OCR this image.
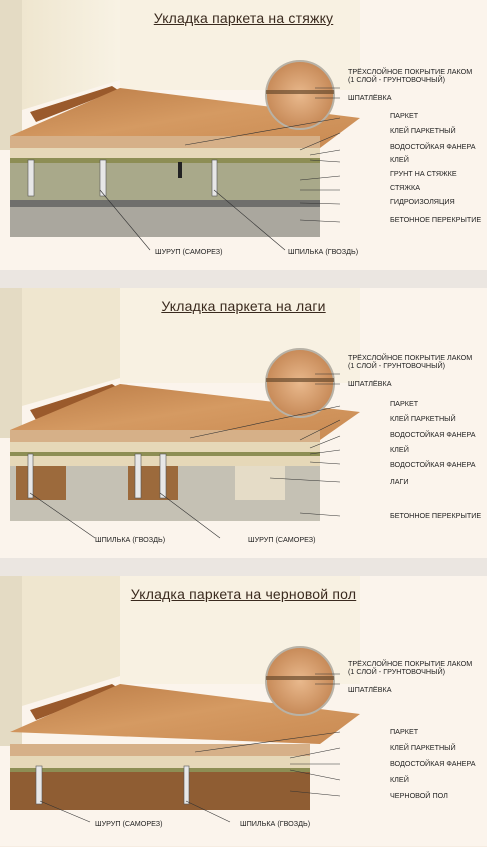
Укладка паркета на стяжку
ТРЁХСЛОЙНОЕ ПОКРЫТИЕ ЛАКОМ
(1 СЛОЙ - ГРУНТОВОЧНЫЙ)
ШПАТЛЁВКА
ПАРКЕТ
КЛЕЙ ПАРКЕТНЫЙ
ВОДОСТОЙКАЯ ФАНЕРА
КЛЕЙ
ГРУНТ НА СТЯЖКЕ
СТЯЖКА
ГИДРОИЗОЛЯЦИЯ
БЕТОННОЕ ПЕРЕКРЫТИЕ
ШУРУП (САМОРЕЗ)	ШПИЛЬКА (ГВОЗДЬ)
Укладка паркета на лаги
ТРЁХСЛОЙНОЕ ПОКРЫТИЕ ЛАКОМ
(1 СЛОЙ - ГРУНТОВОЧНЫЙ)
ШПАТЛЁВКА
ПАРКЕТ
КЛЕЙ ПАРКЕТНЫЙ
ВОДОСТОЙКАЯ ФАНЕРА
КЛЕЙ
ВОДОСТОЙКАЯ ФАНЕРА
ЛАГИ
БЕТОННОЕ ПЕРЕКРЫТИЕ
ШПИЛЬКА (ГВОЗДЬ)	ШУРУП (САМОРЕЗ)
Укладка паркета на черновой пол
ТРЁХСЛОЙНОЕ ПОКРЫТИЕ ЛАКОМ
(1 СЛОЙ - ГРУНТОВОЧНЫЙ)
ШПАТЛЁВКА
ПАРКЕТ
КЛЕЙ ПАРКЕТНЫЙ
ВОДОСТОЙКАЯ ФАНЕРА
КЛЕЙ
ЧЕРНОВОЙ ПОЛ
ШУРУП (САМОРЕЗ)	ШПИЛЬКА (ГВОЗДЬ)
